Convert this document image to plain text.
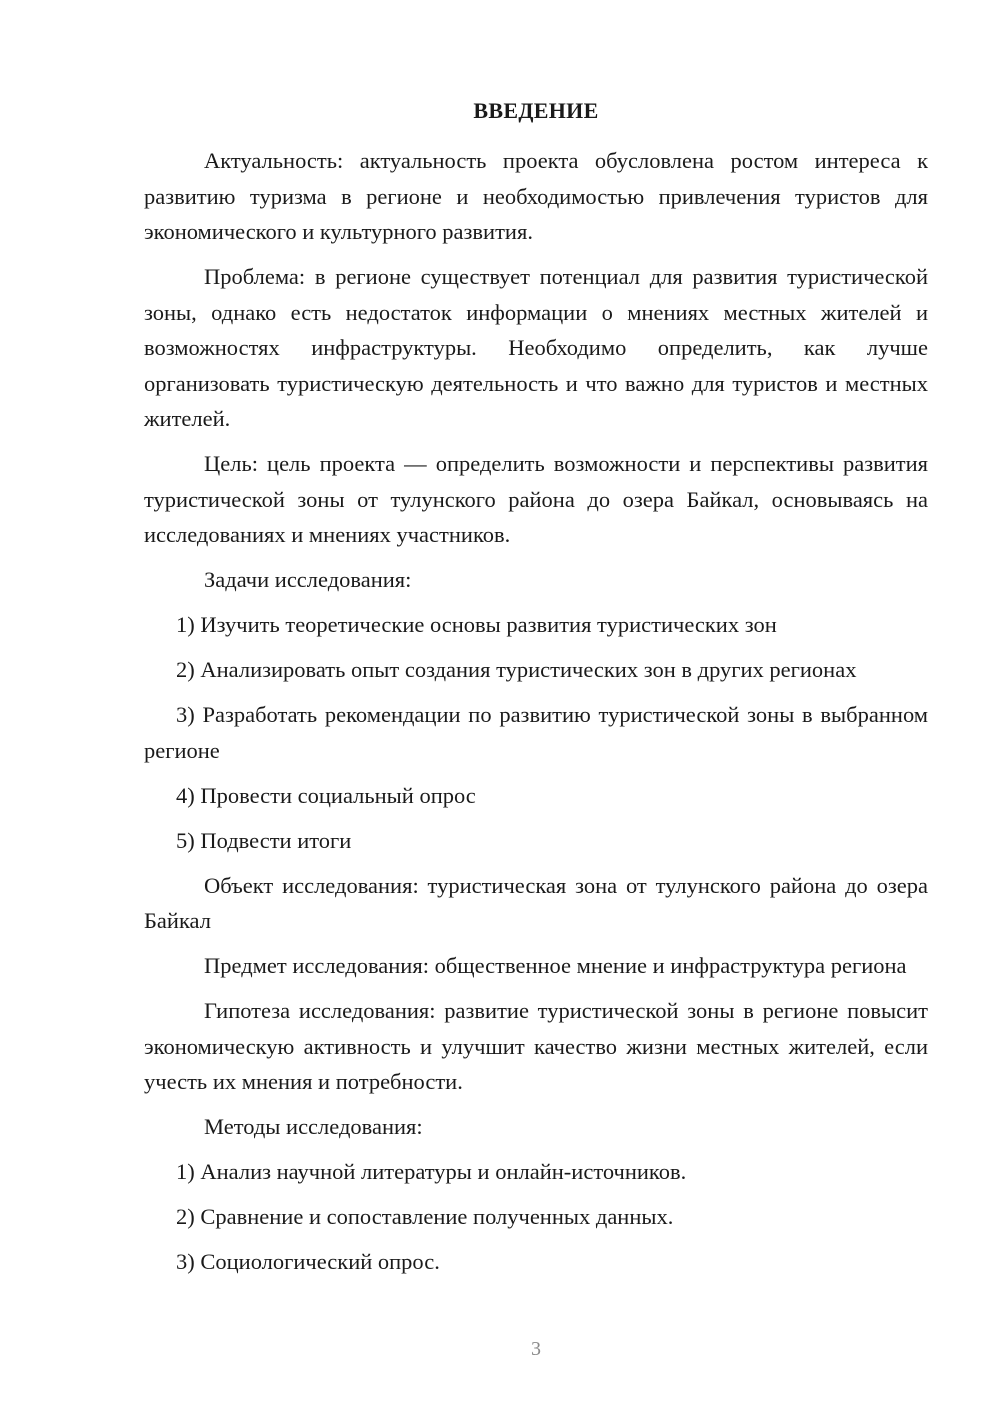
ВВЕДЕНИЕ

Актуальность: актуальность проекта обусловлена ростом интереса к развитию туризма в регионе и необходимостью привлечения туристов для экономического и культурного развития.

Проблема: в регионе существует потенциал для развития туристической зоны, однако есть недостаток информации о мнениях местных жителей и возможностях инфраструктуры. Необходимо определить, как лучше организовать туристическую деятельность и что важно для туристов и местных жителей.

Цель: цель проекта — определить возможности и перспективы развития туристической зоны от тулунского района до озера Байкал, основываясь на исследованиях и мнениях участников.

Задачи исследования:

1) Изучить теоретические основы развития туристических зон

2) Анализировать опыт создания туристических зон в других регионах

3) Разработать рекомендации по развитию туристической зоны в выбранном регионе

4) Провести социальный опрос

5) Подвести итоги

Объект исследования: туристическая зона от тулунского района до озера Байкал

Предмет исследования: общественное мнение и инфраструктура региона

Гипотеза исследования: развитие туристической зоны в регионе повысит экономическую активность и улучшит качество жизни местных жителей, если учесть их мнения и потребности.

Методы исследования:

1) Анализ научной литературы и онлайн-источников.

2) Сравнение и сопоставление полученных данных.

3) Социологический опрос.

3
